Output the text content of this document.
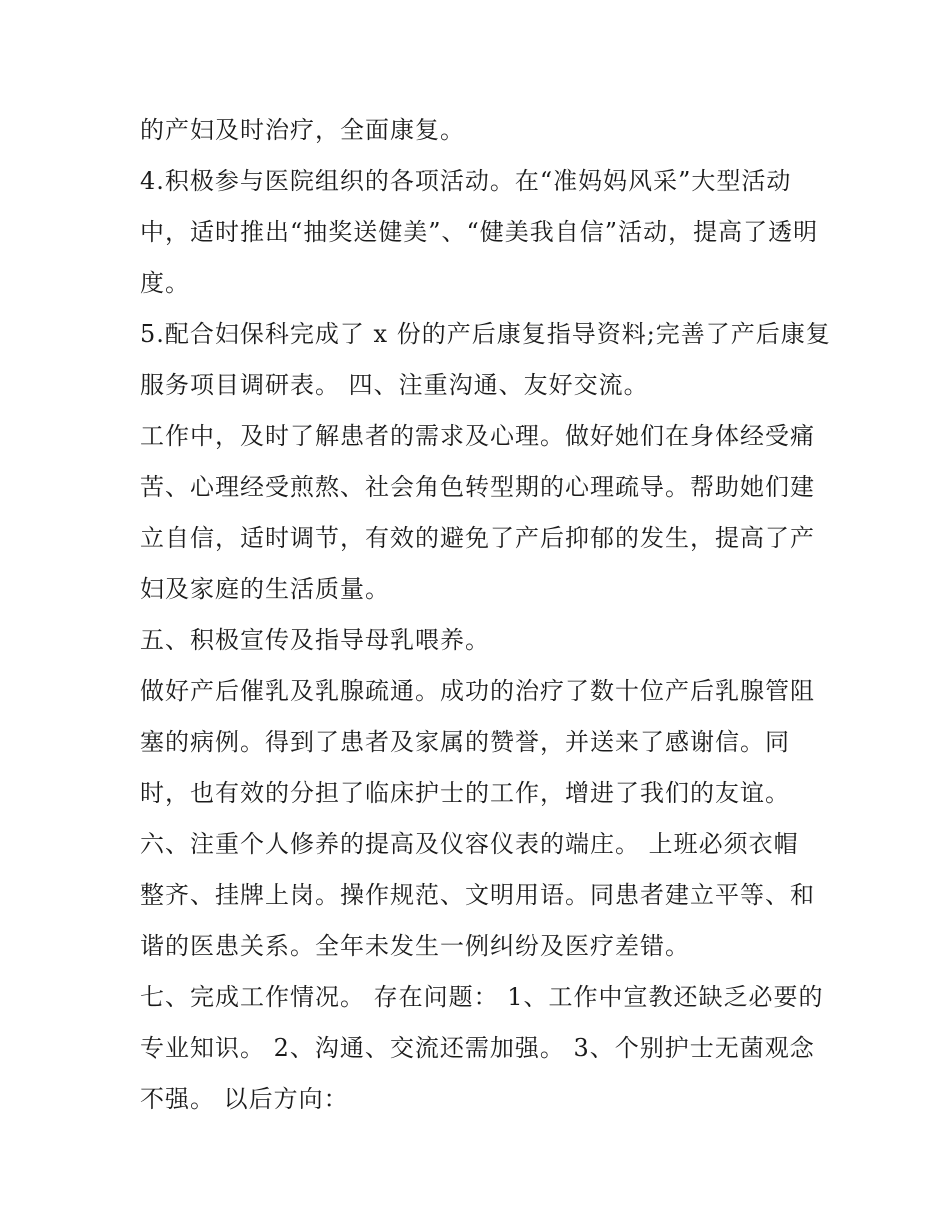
的产妇及时治疗，全面康复。
4.积极参与医院组织的各项活动。在“准妈妈风采”大型活动
中，适时推出“抽奖送健美”、“健美我自信”活动，提高了透明
度。
5.配合妇保科完成了 x 份的产后康复指导资料;完善了产后康复
服务项目调研表。 四、注重沟通、友好交流。
工作中，及时了解患者的需求及心理。做好她们在身体经受痛
苦、心理经受煎熬、社会角色转型期的心理疏导。帮助她们建
立自信，适时调节，有效的避免了产后抑郁的发生，提高了产
妇及家庭的生活质量。
五、积极宣传及指导母乳喂养。
做好产后催乳及乳腺疏通。成功的治疗了数十位产后乳腺管阻
塞的病例。得到了患者及家属的赞誉，并送来了感谢信。同
时，也有效的分担了临床护士的工作，增进了我们的友谊。
六、注重个人修养的提高及仪容仪表的端庄。 上班必须衣帽
整齐、挂牌上岗。操作规范、文明用语。同患者建立平等、和
谐的医患关系。全年未发生一例纠纷及医疗差错。
七、完成工作情况。 存在问题： 1、工作中宣教还缺乏必要的
专业知识。 2、沟通、交流还需加强。 3、个别护士无菌观念
不强。 以后方向：
